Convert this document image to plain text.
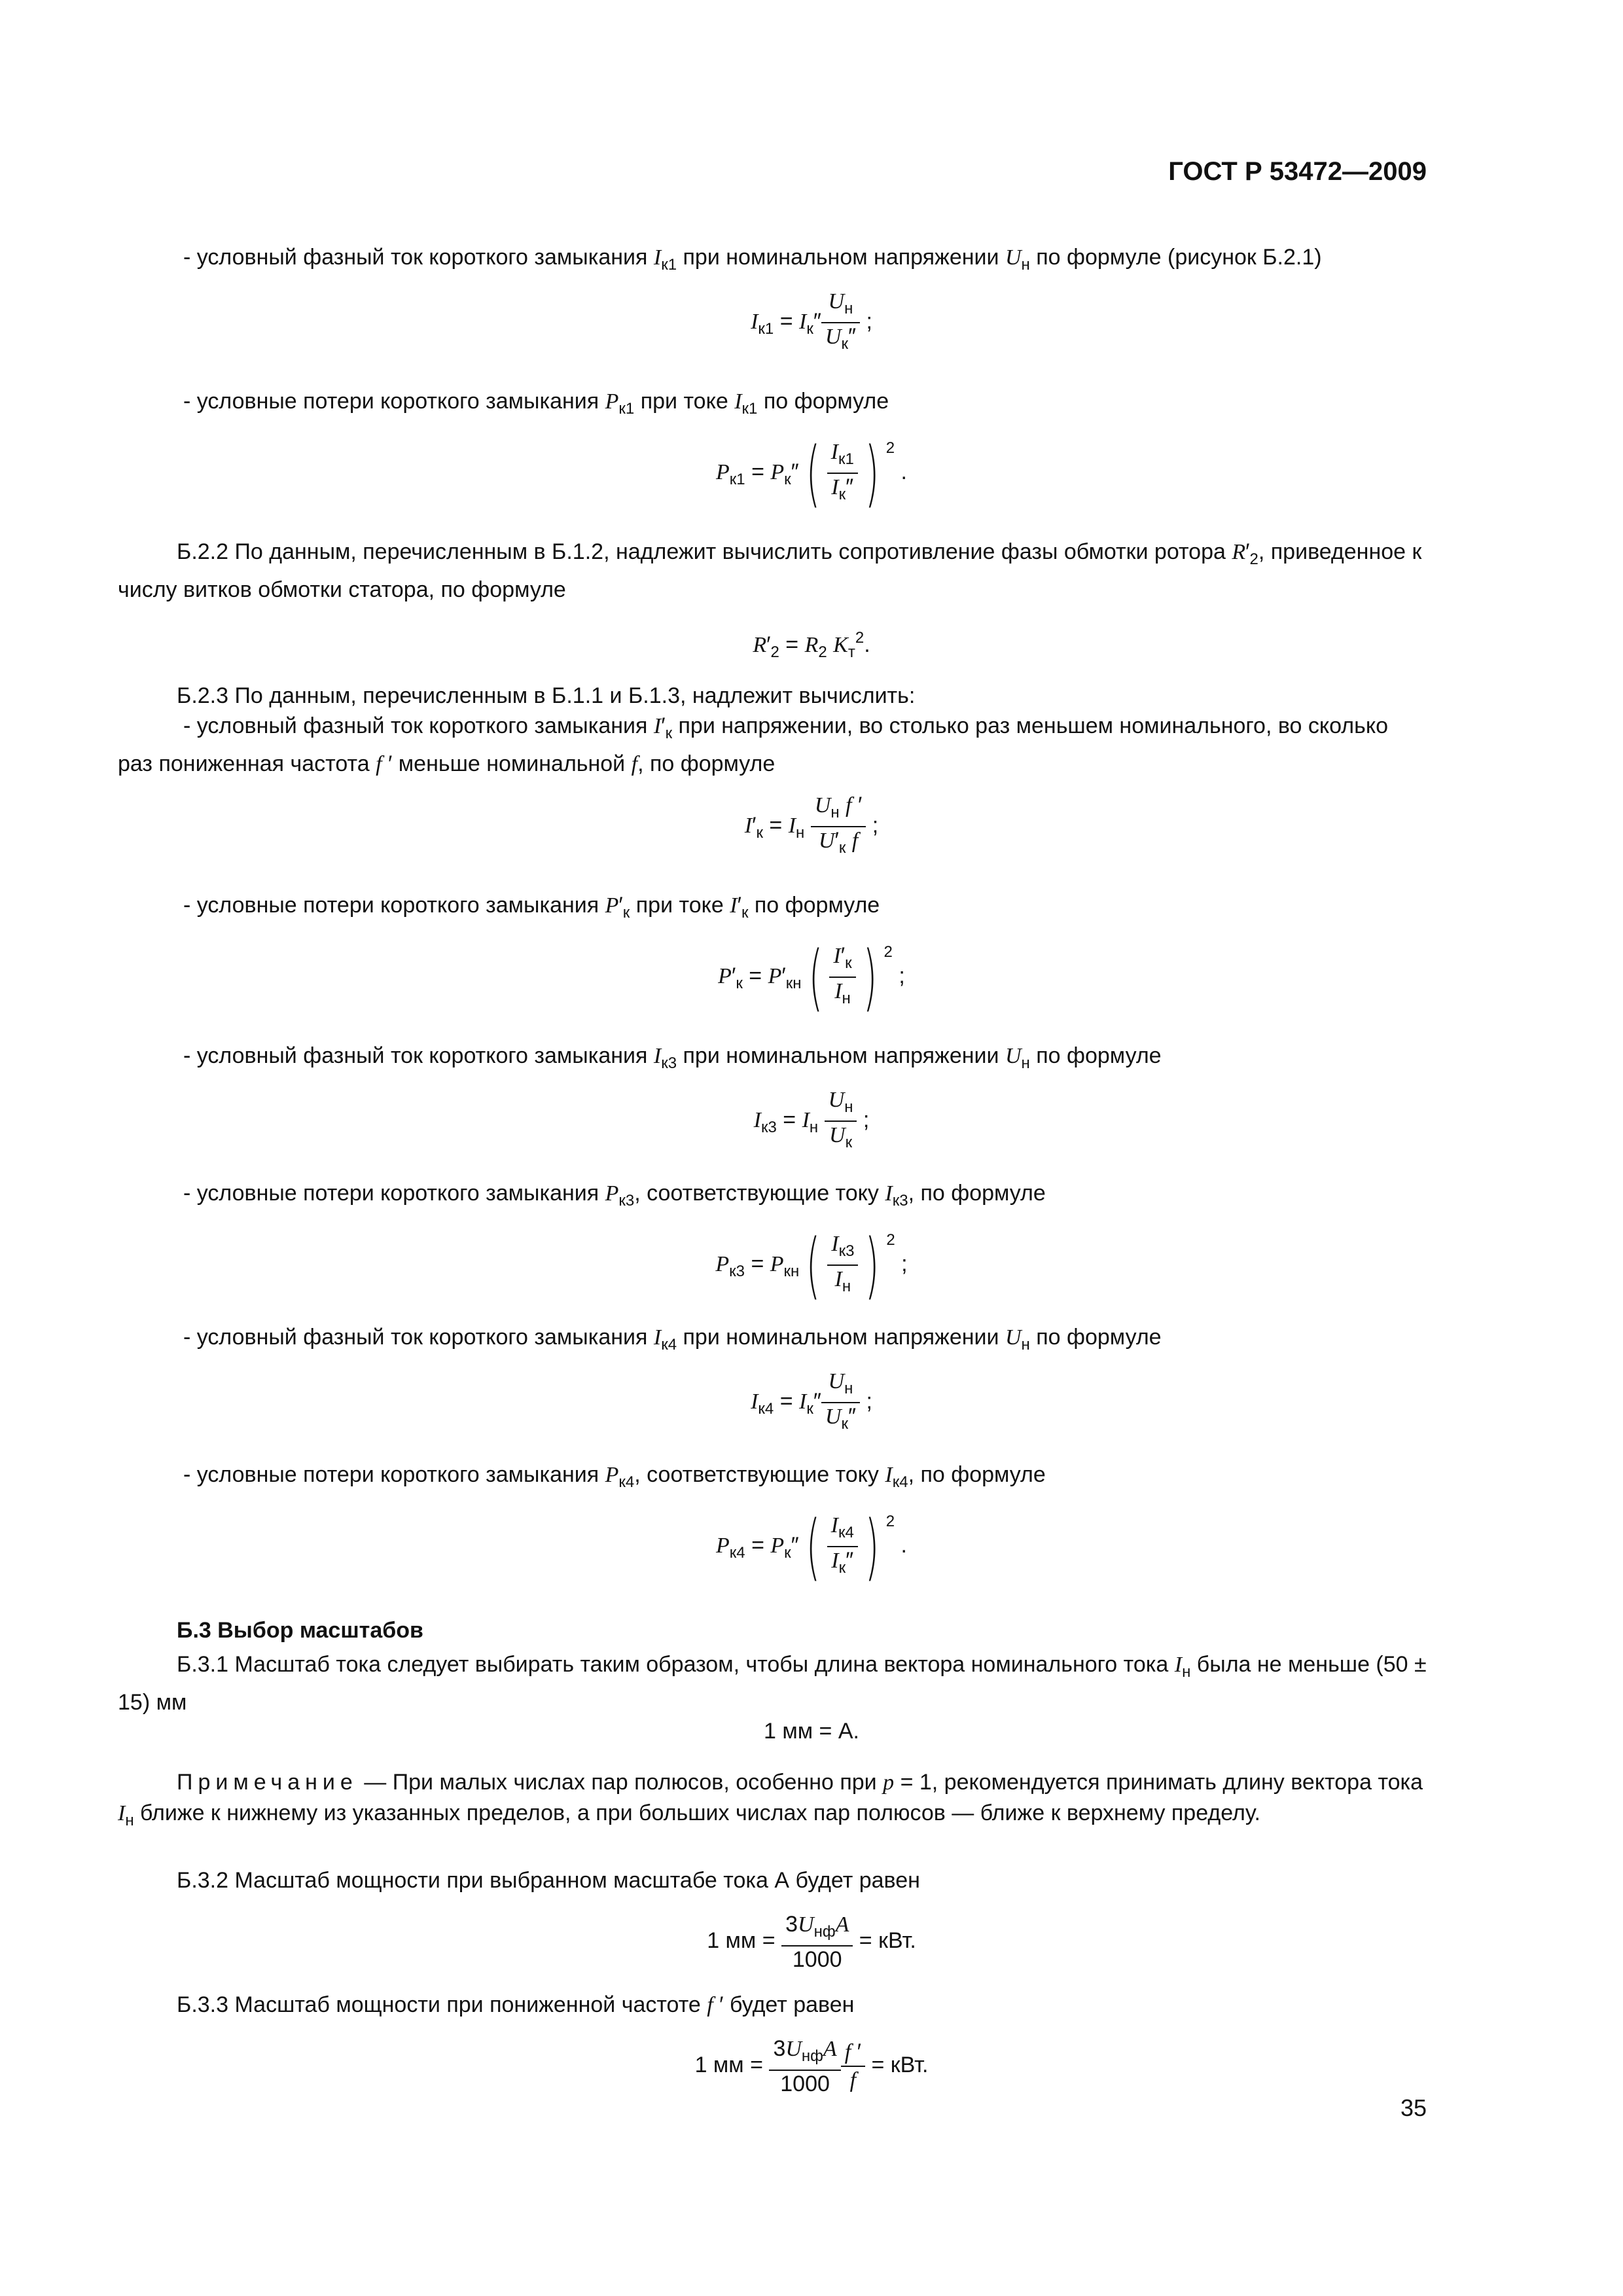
ГОСТ Р 53472—2009
- условный фазный ток короткого замыкания $I_{к1}$ при номинальном напряжении $U_н$ по формуле (рисунок Б.2.1)
$I_{к1} = I_к'' \frac{U_н}{U_к''}$ ;
- условные потери короткого замыкания $P_{к1}$ при токе $I_{к1}$ по формуле
$P_{к1} = P_к''( \frac{I_{к1}}{I_к''}$ ) $^2$ .
Б.2.2 По данным, перечисленным в Б.1.2, надлежит вычислить сопротивление фазы обмотки ротора $R'_2$, приведенное к числу витков обмотки статора, по формуле
$R'_2 = R_2$ $K_т^2$.
Б.2.3 По данным, перечисленным в Б.1.1 и Б.1.3, надлежит вычислить:
- условный фазный ток короткого замыкания $I'_к$ при напряжении, во столько раз меньшем номинального, во сколько раз пониженная частота f ′ меньше номинальной f, по формуле
$I'_к = I_н \frac{U_н f '}{U'_к f}$ ;
- условные потери короткого замыкания $P'_к$ при токе $I'_к$ по формуле
$P'_к = P'_{кн}( \frac{I'_к}{I_н}$ ) $^2$ ;
- условный фазный ток короткого замыкания $I_{к3}$ при номинальном напряжении $U_н$ по формуле
$I_{к3} = I_н \frac{U_н}{U_к}$ ;
- условные потери короткого замыкания $P_{к3}$, соответствующие току $I_{к3}$, по формуле
$P_{к3} = P_{кн}( \frac{I_{к3}}{I_н}$ ) $^2$ ;
- условный фазный ток короткого замыкания $I_{к4}$ при номинальном напряжении $U_н$ по формуле
$I_{к4} = I_к'' \frac{U_н}{U_к''}$ ;
- условные потери короткого замыкания $P_{к4}$, соответствующие току $I_{к4}$, по формуле
$P_{к4} = P_к''( \frac{I_{к4}}{I_к''}$ ) $^2$ .
Б.3 Выбор масштабов
Б.3.1 Масштаб тока следует выбирать таким образом, чтобы длина вектора номинального тока $I_н$ была не меньше (50 ± 15) мм
1 мм = А.
Примечание — При малых числах пар полюсов, особенно при p = 1, рекомендуется принимать длину вектора тока $I_н$ ближе к нижнему из указанных пределов, а при больших числах пар полюсов — ближе к верхнему пределу.
Б.3.2 Масштаб мощности при выбранном масштабе тока А будет равен
1 мм = $\frac{3U_{нф}A}{1000}$ = кВт.
Б.3.3 Масштаб мощности при пониженной частоте f ′ будет равен
1 мм = $\frac{3U_{нф}A}{1000} \frac{f '}{f}$ = кВт.
35
